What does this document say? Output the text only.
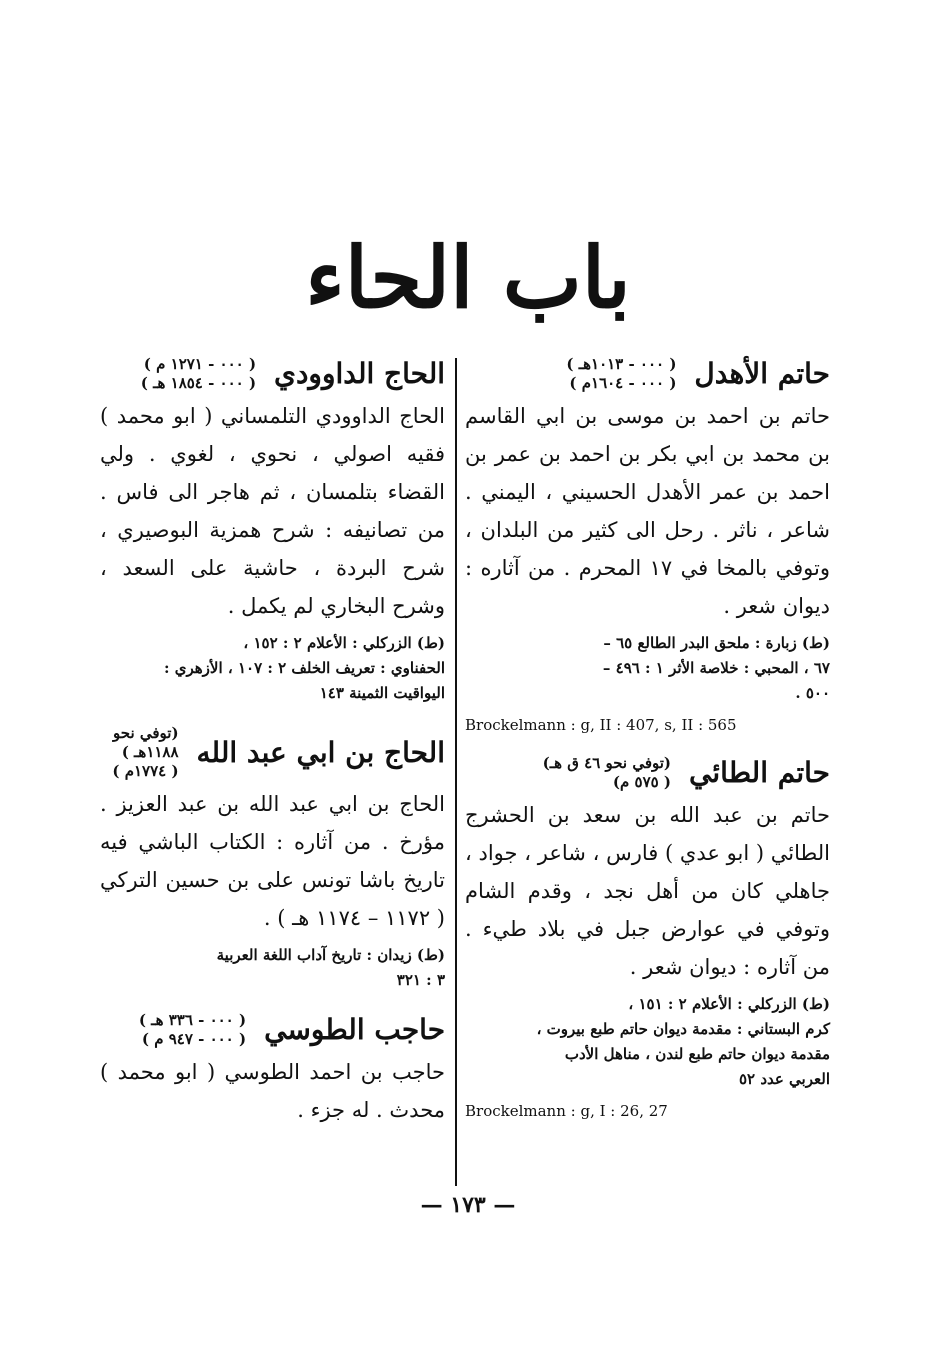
باب الحاء
حاتم الأهدل
( ٠٠٠ - ١٠١٣هـ )
( ٠٠٠ - ١٦٠٤م )
حاتم بن احمد بن موسى بن ابي القاسم بن محمد بن ابي بكر بن احمد بن عمر بن احمد بن عمر الأهدل الحسيني ، اليمني . شاعر ، ناثر . رحل الى كثير من البلدان ، وتوفي بالمخا في ١٧ المحرم . من آثاره : ديوان شعر .
(ط) زبارة : ملحق البدر الطالع ٦٥ –
٦٧ ، المحبي : خلاصة الأثر ١ : ٤٩٦ –
٥٠٠ .
Brockelmann : g, II : 407, s, II : 565
حاتم الطائي
(توفي نحو ٤٦ ق هـ)
( ٥٧٥ م)
حاتم بن عبد الله بن سعد بن الحشرج الطائي ( ابو عدي ) فارس ، شاعر ، جواد ، جاهلي كان من أهل نجد ، وقدم الشام وتوفي في عوارض جبل في بلاد طيء . من آثاره : ديوان شعر .
(ط) الزركلي : الأعلام ٢ : ١٥١ ،
كرم البستاني : مقدمة ديوان حاتم طبع بيروت ،
مقدمة ديوان حاتم طبع لندن ، مناهل الأدب
العربي عدد ٥٢
Brockelmann : g, I : 26, 27
الحاج الداوودي
( ٠٠٠ - ١٢٧١ م )
( ٠٠٠ - ١٨٥٤ هـ )
الحاج الداوودي التلمساني ( ابو محمد ) فقيه اصولي ، نحوي ، لغوي . ولي القضاء بتلمسان ، ثم هاجر الى فاس . من تصانيفه : شرح همزية البوصيري ، شرح البردة ، حاشية على السعد ، وشرح البخاري لم يكمل .
(ط) الزركلي : الأعلام ٢ : ١٥٢ ،
الحفناوي : تعريف الخلف ٢ : ١٠٧ ، الأزهري :
اليواقيت الثمينة ١٤٣
الحاج بن ابي عبد الله
(توفي نحو ١١٨٨هـ )
( ١٧٧٤م )
الحاج بن ابي عبد الله بن عبد العزيز . مؤرخ . من آثاره : الكتاب الباشي فيه تاريخ باشا تونس على بن حسين التركي ( ١١٧٢ – ١١٧٤ هـ ) .
(ط) زيدان : تاريخ آداب اللغة العربية
٣ : ٣٢١
حاجب الطوسي
( ٠٠٠ - ٣٣٦ هـ )
( ٠٠٠ - ٩٤٧ م )
حاجب بن احمد الطوسي ( ابو محمد ) محدث . له جزء .
— ١٧٣ —
